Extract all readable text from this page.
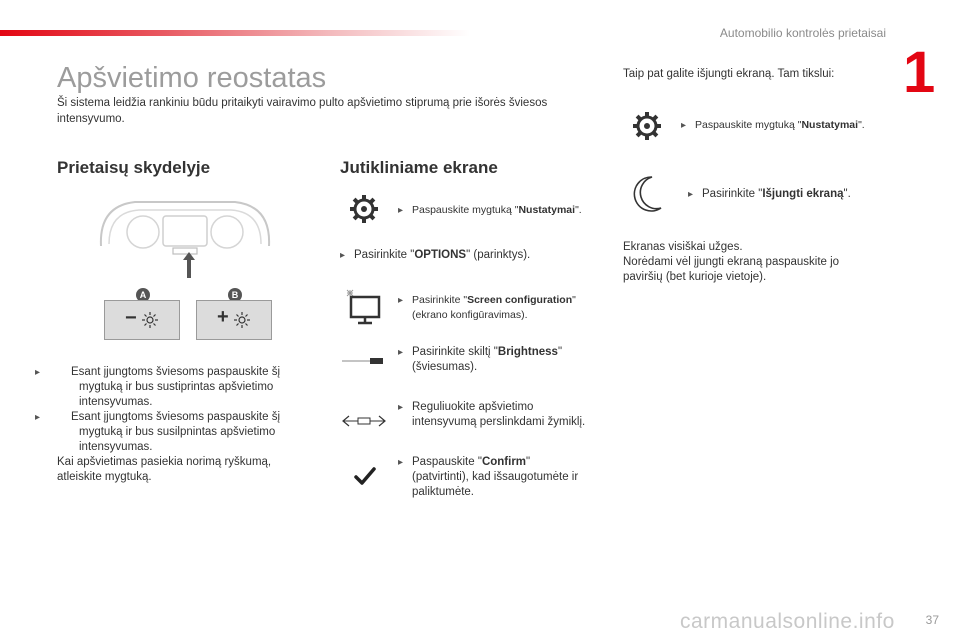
Automobilio kontrolės prietaisai
1
Apšvietimo reostatas
Ši sistema leidžia rankiniu būdu pritaikyti vairavimo pulto apšvietimo stiprumą prie išorės šviesos intensyvumo.
Prietaisų skydelyje
A	B
−	+
▸	Esant įjungtoms šviesoms paspauskite šį mygtuką ir bus sustiprintas apšvietimo intensyvumas.
▸	Esant įjungtoms šviesoms paspauskite šį mygtuką ir bus susilpnintas apšvietimo intensyvumas.
Kai apšvietimas pasiekia norimą ryškumą, atleiskite mygtuką.
Jutikliniame ekrane
▸ Paspauskite mygtuką "Nustatymai".
▸ Pasirinkite "OPTIONS" (parinktys).
▸ Pasirinkite "Screen configuration"
(ekrano konfigūravimas).
▸ Pasirinkite skiltį "Brightness"
(šviesumas).
▸ Reguliuokite apšvietimo
intensyvumą perslinkdami žymiklį.
▸ Paspauskite "Confirm"
(patvirtinti), kad išsaugotumėte ir
paliktumėte.
Taip pat galite išjungti ekraną. Tam tikslui:
▸ Paspauskite mygtuką "Nustatymai".
▸ Pasirinkite "Išjungti ekraną".
Ekranas visiškai užges.
Norėdami vėl įjungti ekraną paspauskite jo paviršių (bet kurioje vietoje).
37
carmanualsonline.info
